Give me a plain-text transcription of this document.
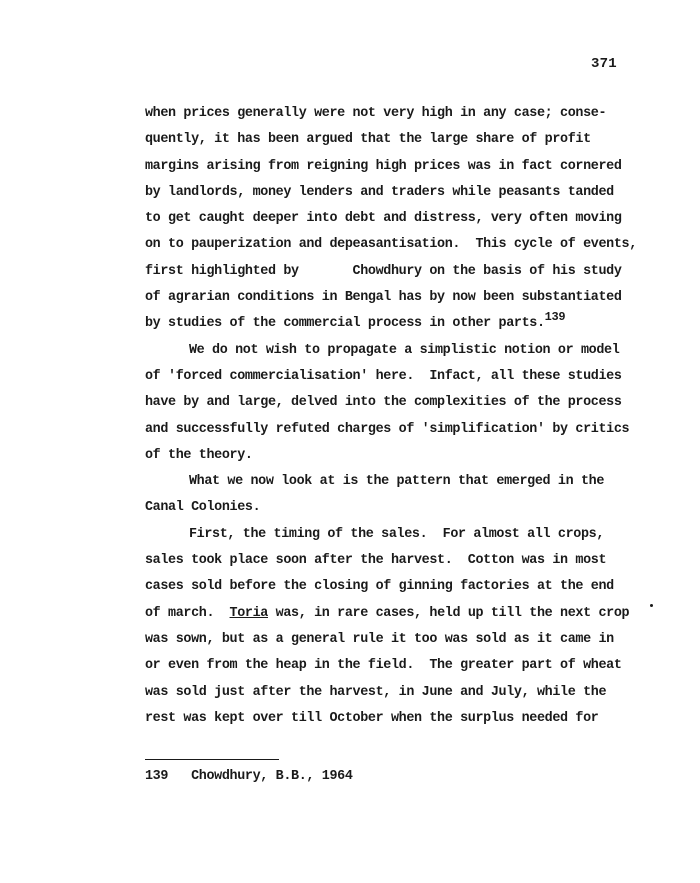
371
when prices generally were not very high in any case; conse-
quently, it has been argued that the large share of profit
margins arising from reigning high prices was in fact cornered
by landlords, money lenders and traders while peasants tanded
to get caught deeper into debt and distress, very often moving
on to pauperization and depeasantisation.  This cycle of events,
first highlighted by       Chowdhury on the basis of his study
of agrarian conditions in Bengal has by now been substantiated
by studies of the commercial process in other parts.$^{139}$
We do not wish to propagate a simplistic notion or model
of 'forced commercialisation' here.  Infact, all these studies
have by and large, delved into the complexities of the process
and successfully refuted charges of 'simplification' by critics
of the theory.
What we now look at is the pattern that emerged in the
Canal Colonies.
First, the timing of the sales.  For almost all crops,
sales took place soon after the harvest.  Cotton was in most
cases sold before the closing of ginning factories at the end
of march.  Toria was, in rare cases, held up till the next crop
was sown, but as a general rule it too was sold as it came in
or even from the heap in the field.  The greater part of wheat
was sold just after the harvest, in June and July, while the
rest was kept over till October when the surplus needed for
139   Chowdhury, B.B., 1964
